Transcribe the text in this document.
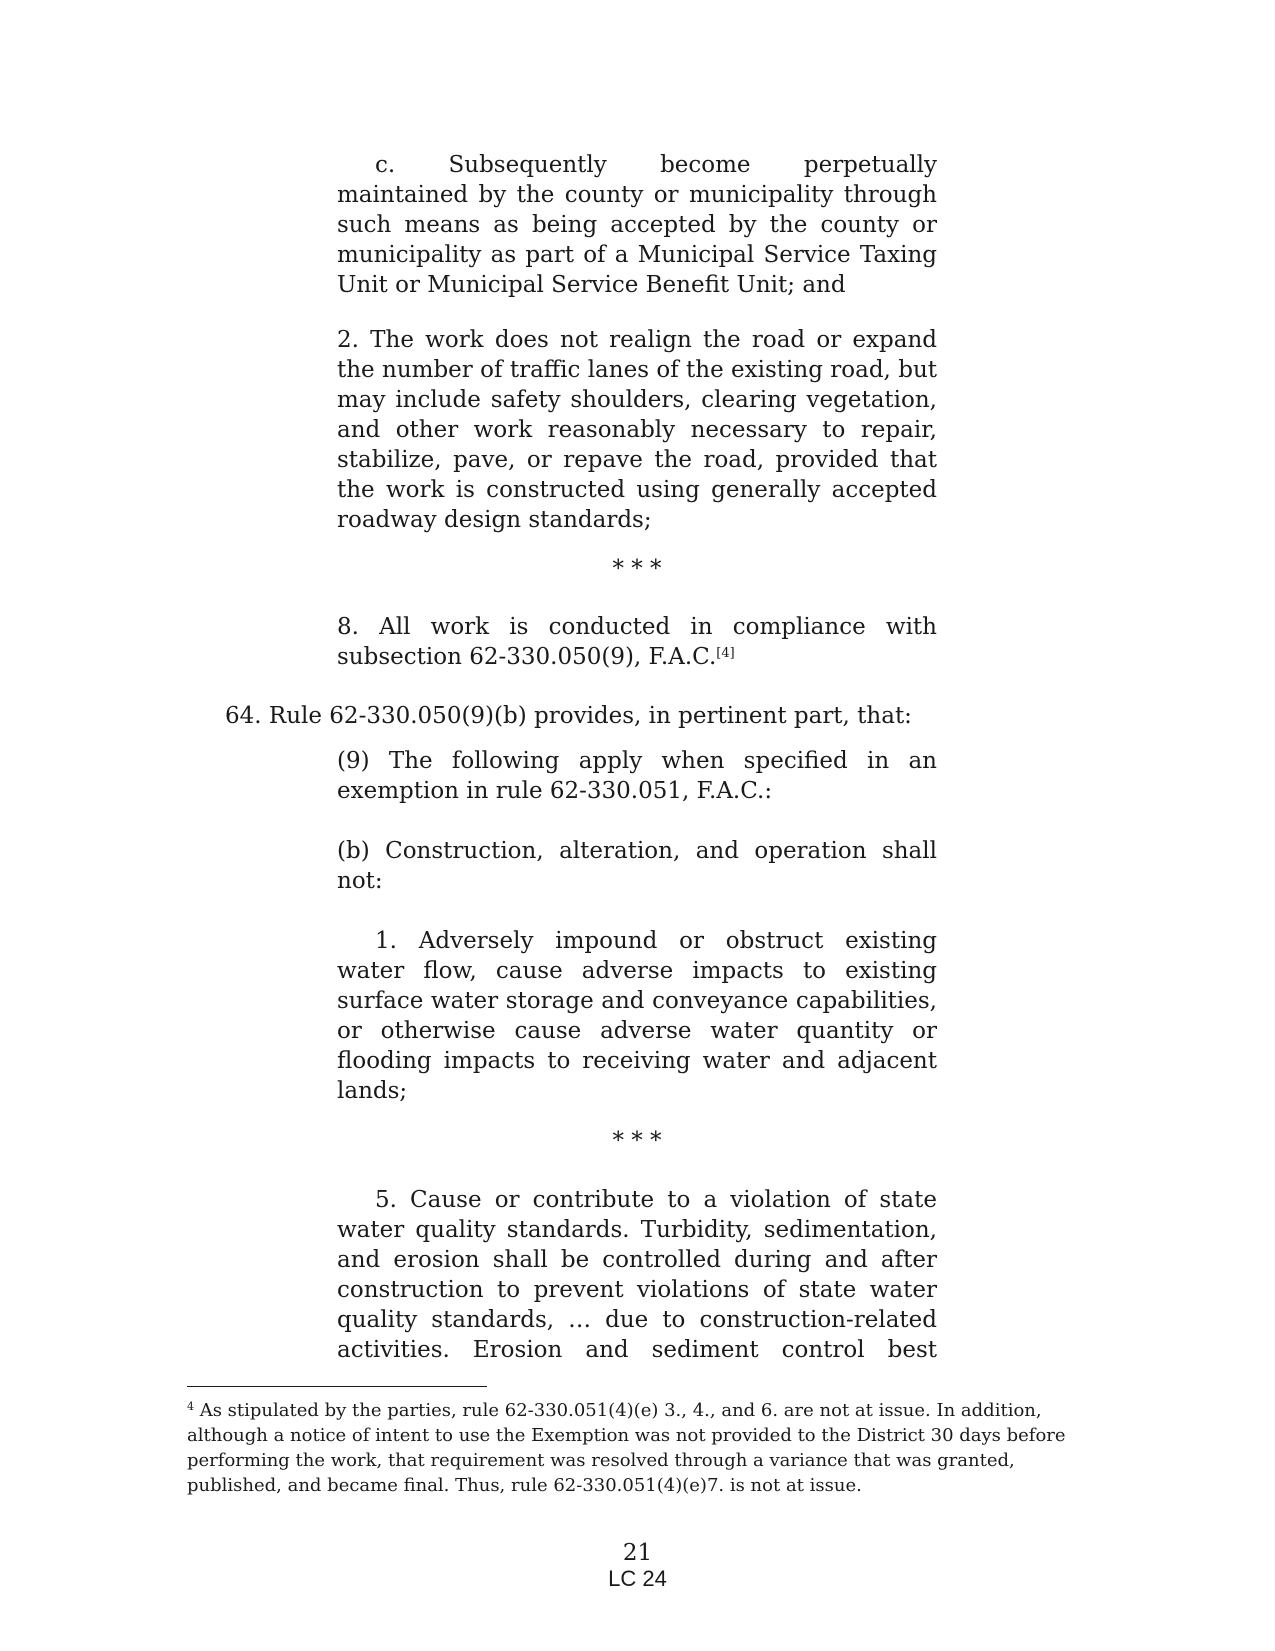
c. Subsequently become perpetually maintained by the county or municipality through such means as being accepted by the county or municipality as part of a Municipal Service Taxing Unit or Municipal Service Benefit Unit; and

2. The work does not realign the road or expand the number of traffic lanes of the existing road, but may include safety shoulders, clearing vegetation, and other work reasonably necessary to repair, stabilize, pave, or repave the road, provided that the work is constructed using generally accepted roadway design standards;

* * *

8. All work is conducted in compliance with subsection 62-330.050(9), F.A.C.[4]

64. Rule 62-330.050(9)(b) provides, in pertinent part, that:

(9) The following apply when specified in an exemption in rule 62-330.051, F.A.C.:

(b) Construction, alteration, and operation shall not:

1. Adversely impound or obstruct existing water flow, cause adverse impacts to existing surface water storage and conveyance capabilities, or otherwise cause adverse water quantity or flooding impacts to receiving water and adjacent lands;

* * *

5. Cause or contribute to a violation of state water quality standards. Turbidity, sedimentation, and erosion shall be controlled during and after construction to prevent violations of state water quality standards, … due to construction-related activities. Erosion and sediment control best

$^4$ As stipulated by the parties, rule 62-330.051(4)(e) 3., 4., and 6. are not at issue. In addition, although a notice of intent to use the Exemption was not provided to the District 30 days before performing the work, that requirement was resolved through a variance that was granted, published, and became final. Thus, rule 62-330.051(4)(e)7. is not at issue.

21
LC 24
